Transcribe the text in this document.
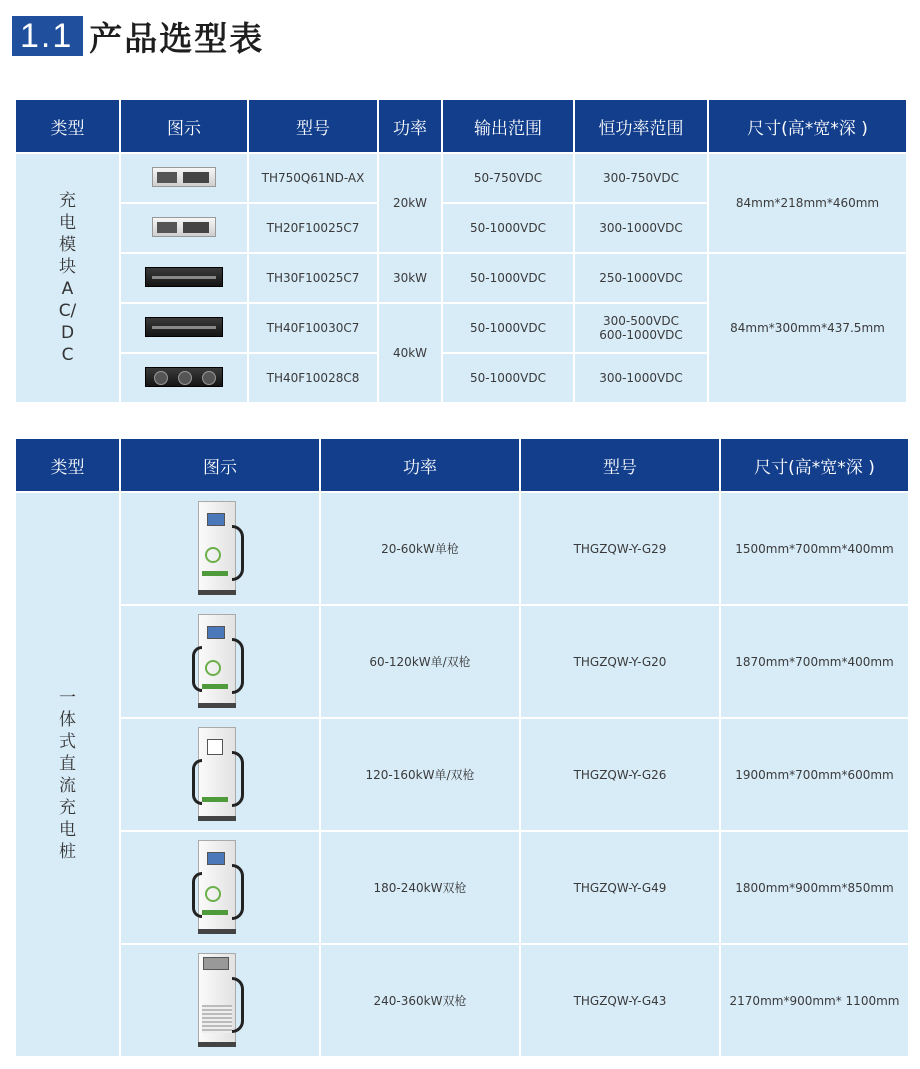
1.1 产品选型表
类型	图示	型号	功率	输出范围	恒功率范围	尺寸(高*宽*深 )
充电模块AC/DC		TH750Q61ND-AX	20kW	50-750VDC	300-750VDC	84mm*218mm*460mm

		TH20F10025C7		50-1000VDC	300-1000VDC	

		TH30F10025C7	30kW	50-1000VDC	250-1000VDC	84mm*300mm*437.5mm

		TH40F10030C7	40kW	50-1000VDC	300-500VDC
600-1000VDC	

		TH40F10028C8		50-1000VDC	300-1000VDC	
类型	图示	功率	型号	尺寸(高*宽*深 )
一体式直流充电桩		20-60kW单枪	THGZQW-Y-G29	1500mm*700mm*400mm

		60-120kW单/双枪	THGZQW-Y-G20	1870mm*700mm*400mm

		120-160kW单/双枪	THGZQW-Y-G26	1900mm*700mm*600mm

		180-240kW双枪	THGZQW-Y-G49	1800mm*900mm*850mm

		240-360kW双枪	THGZQW-Y-G43	2170mm*900mm* 1100mm
